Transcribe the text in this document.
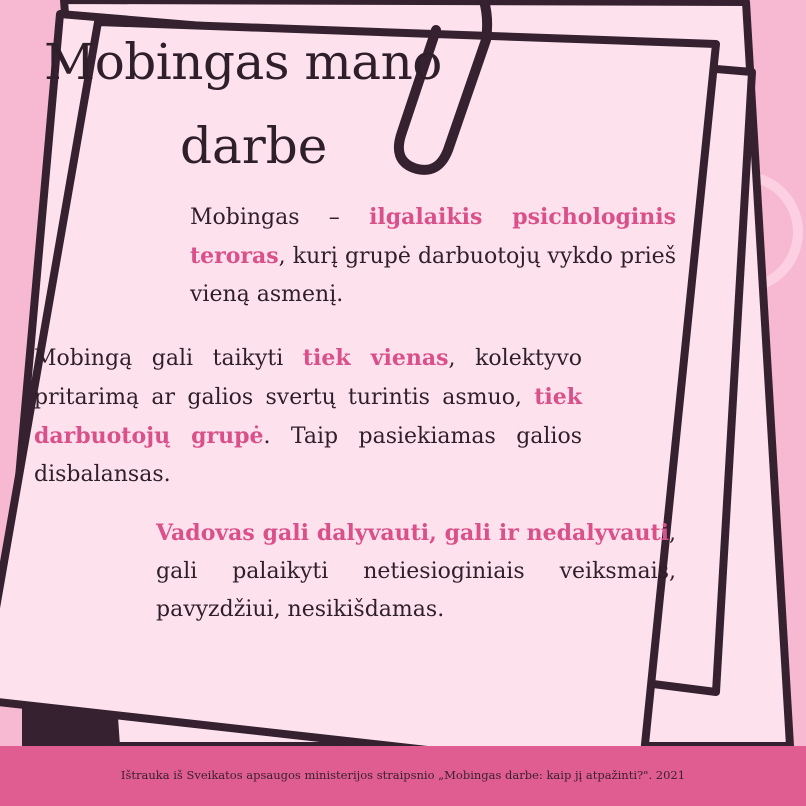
Mobingas mano
darbe

Mobingas – ilgalaikis psichologinis teroras, kurį grupė darbuotojų vykdo prieš vieną asmenį.

Mobingą gali taikyti tiek vienas, kolektyvo pritarimą ar galios svertų turintis asmuo, tiek darbuotojų grupė. Taip pasiekiamas galios disbalansas.

Vadovas gali dalyvauti, gali ir nedalyvauti, gali palaikyti netiesioginiais veiksmais, pavyzdžiui, nesikišdamas.

Ištrauka iš Sveikatos apsaugos ministerijos straipsnio „Mobingas darbe: kaip jį atpažinti?". 2021
